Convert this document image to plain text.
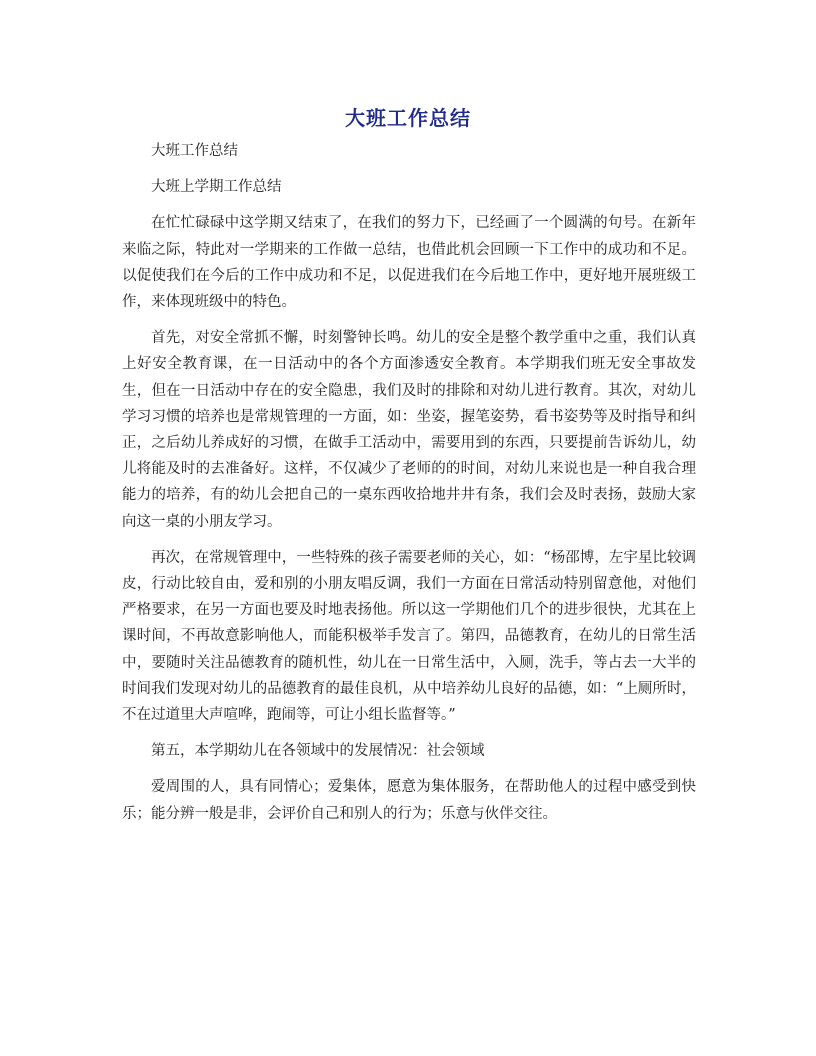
大班工作总结

大班工作总结

大班上学期工作总结

在忙忙碌碌中这学期又结束了，在我们的努力下，已经画了一个圆满的句号。在新年来临之际，特此对一学期来的工作做一总结，也借此机会回顾一下工作中的成功和不足。以促使我们在今后的工作中成功和不足，以促进我们在今后地工作中，更好地开展班级工作，来体现班级中的特色。

首先，对安全常抓不懈，时刻警钟长鸣。幼儿的安全是整个教学重中之重，我们认真上好安全教育课，在一日活动中的各个方面渗透安全教育。本学期我们班无安全事故发生，但在一日活动中存在的安全隐患，我们及时的排除和对幼儿进行教育。其次，对幼儿学习习惯的培养也是常规管理的一方面，如：坐姿，握笔姿势，看书姿势等及时指导和纠正，之后幼儿养成好的习惯，在做手工活动中，需要用到的东西，只要提前告诉幼儿，幼儿将能及时的去准备好。这样，不仅减少了老师的的时间，对幼儿来说也是一种自我合理能力的培养，有的幼儿会把自己的一桌东西收拾地井井有条，我们会及时表扬，鼓励大家向这一桌的小朋友学习。

再次，在常规管理中，一些特殊的孩子需要老师的关心，如：“杨邵博，左宇星比较调皮，行动比较自由，爱和别的小朋友唱反调，我们一方面在日常活动特别留意他，对他们严格要求，在另一方面也要及时地表扬他。所以这一学期他们几个的进步很快，尤其在上课时间，不再故意影响他人，而能积极举手发言了。第四，品德教育，在幼儿的日常生活中，要随时关注品德教育的随机性，幼儿在一日常生活中，入厕，洗手，等占去一大半的时间我们发现对幼儿的品德教育的最佳良机，从中培养幼儿良好的品德，如：“上厕所时，不在过道里大声喧哗，跑闹等，可让小组长监督等。”

第五，本学期幼儿在各领域中的发展情况：社会领域

爱周围的人，具有同情心；爱集体，愿意为集体服务，在帮助他人的过程中感受到快乐；能分辨一般是非，会评价自己和别人的行为；乐意与伙伴交往。
